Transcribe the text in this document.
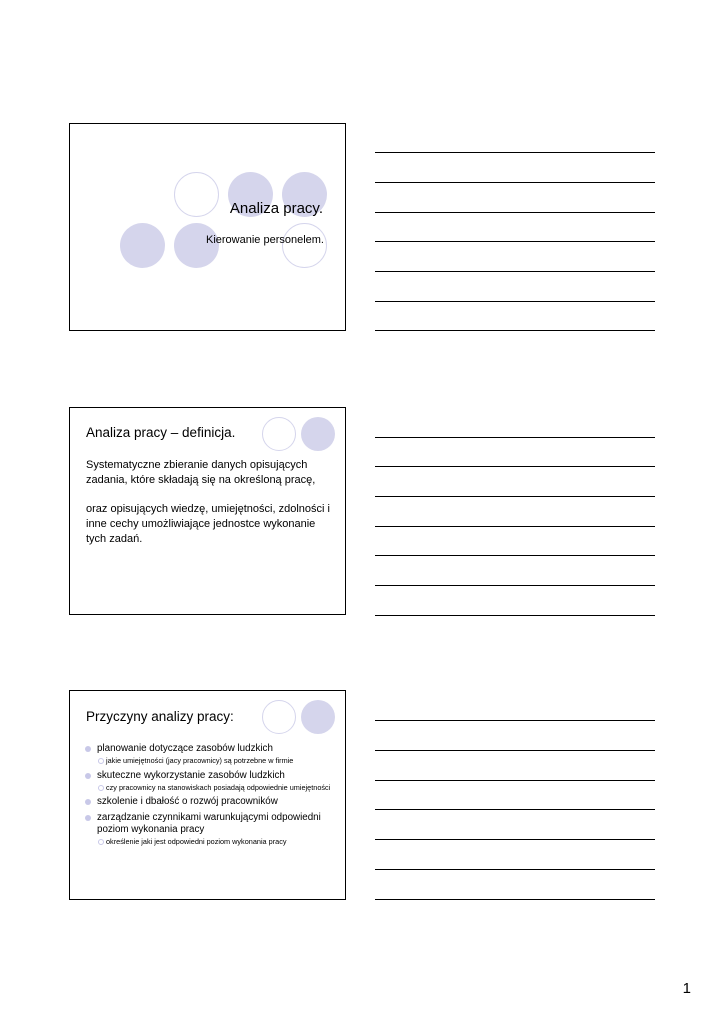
Analiza pracy.
Kierowanie personelem.
Analiza pracy – definicja.

Systematyczne zbieranie danych opisujących zadania, które składają się na określoną pracę,

oraz opisujących wiedzę, umiejętności, zdolności i inne cechy umożliwiające jednostce wykonanie tych zadań.

Przyczyny analizy pracy:
planowanie dotyczące zasobów ludzkich
jakie umiejętności (jacy pracownicy) są potrzebne w firmie
skuteczne wykorzystanie zasobów ludzkich
czy pracownicy na stanowiskach posiadają odpowiednie umiejętności
szkolenie i dbałość o rozwój pracowników
zarządzanie czynnikami warunkującymi odpowiedni poziom wykonania pracy
określenie jaki jest odpowiedni poziom wykonania pracy
1
